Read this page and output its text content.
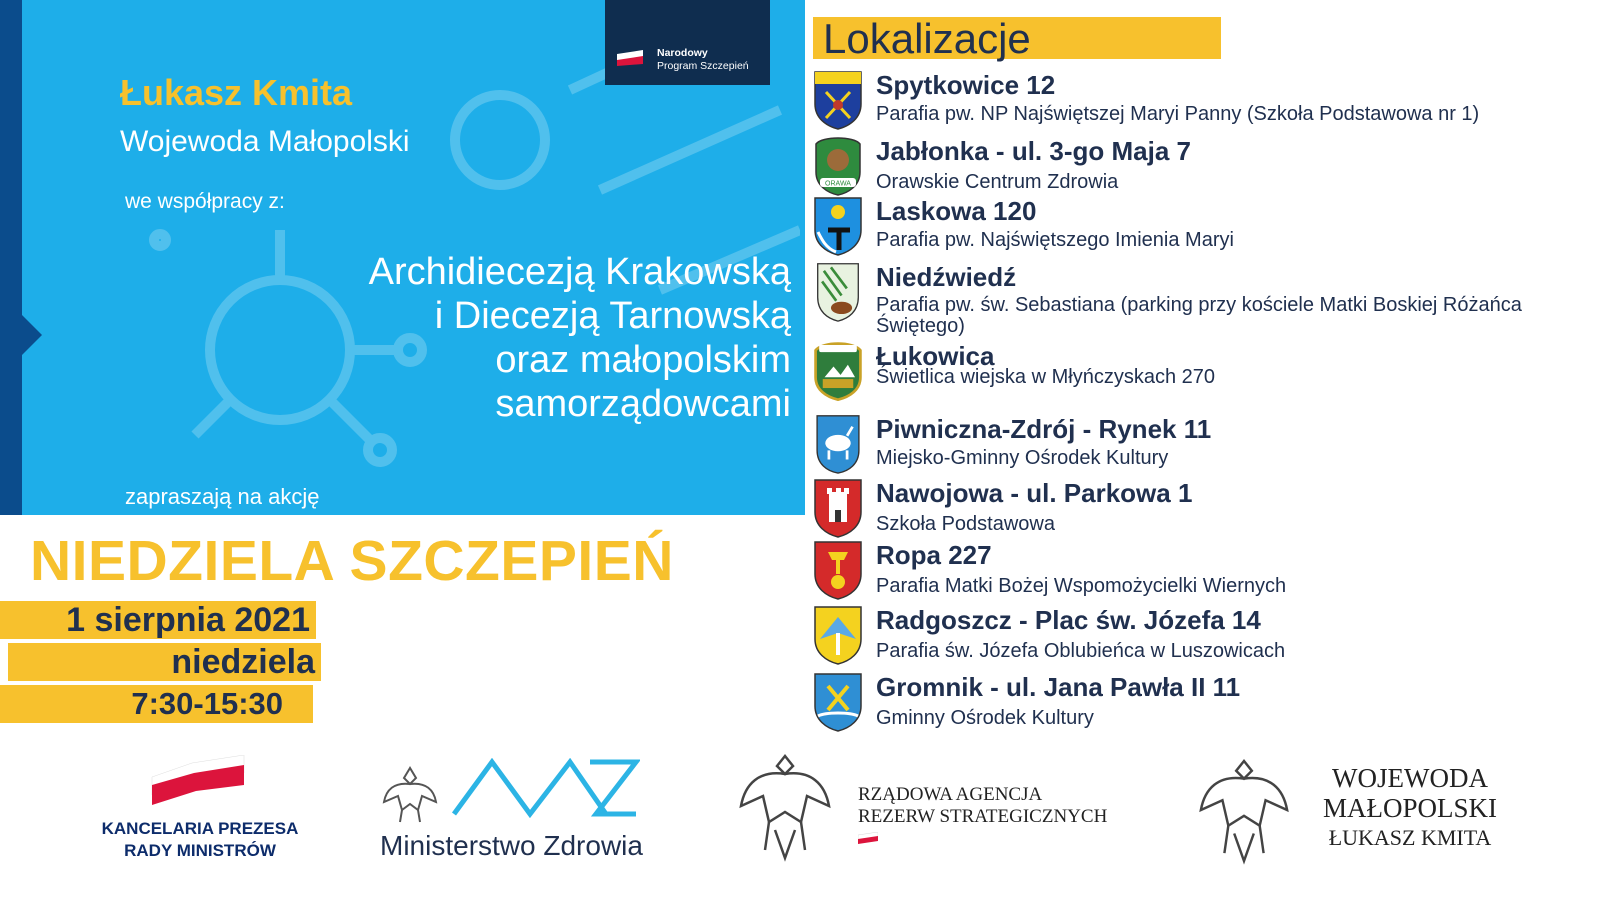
Narodowy
Program Szczepień
Łukasz Kmita
Wojewoda Małopolski
we współpracy z:
Archidiecezją Krakowską
i Diecezją Tarnowską
oraz małopolskim
samorządowcami
zapraszają na akcję
NIEDZIELA SZCZEPIEŃ
1 sierpnia 2021
niedziela
7:30-15:30
Lokalizacje
Spytkowice 12
Parafia pw. NP Najświętszej Maryi Panny (Szkoła Podstawowa nr 1)
ORAWA
Jabłonka - ul. 3-go Maja 7
Orawskie Centrum Zdrowia
Laskowa 120
Parafia pw. Najświętszego Imienia Maryi
Niedźwiedź
Parafia pw. św. Sebastiana (parking przy kościele Matki Boskiej Różańca Świętego)
Łukowica
Świetlica wiejska w Młyńczyskach 270
Piwniczna-Zdrój - Rynek 11
Miejsko-Gminny Ośrodek Kultury
Nawojowa - ul. Parkowa 1
Szkoła Podstawowa
Ropa 227
Parafia Matki Bożej Wspomożycielki Wiernych
Radgoszcz - Plac św. Józefa 14
Parafia św. Józefa Oblubieńca w Luszowicach
Gromnik - ul. Jana Pawła II 11
Gminny Ośrodek Kultury
KANCELARIA PREZESA
RADY MINISTRÓW	Ministerstwo Zdrowia
RZĄDOWA AGENCJA
REZERW STRATEGICZNYCH
WOJEWODA
MAŁOPOLSKI
ŁUKASZ KMITA
